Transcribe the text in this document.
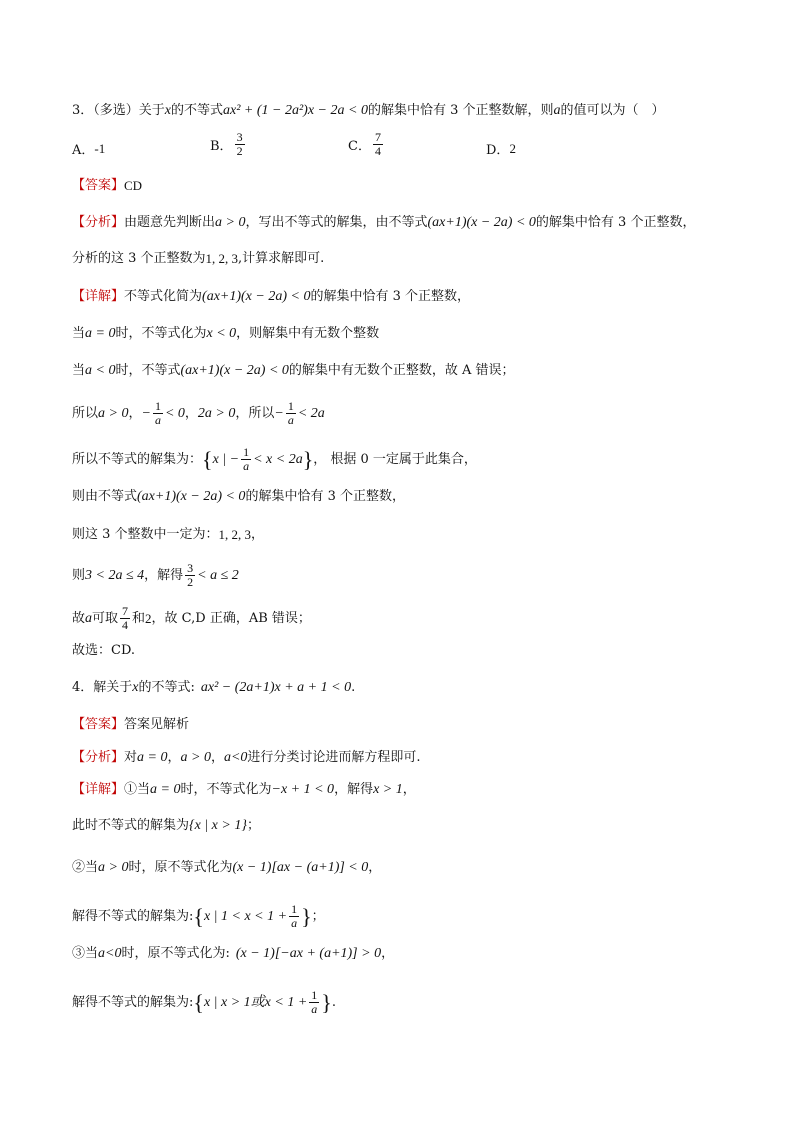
3．（多选）关于 x 的不等式 ax² + (1 − 2a²)x − 2a < 0 的解集中恰有 3 个正整数解，则 a 的值可以为（　）
A． -1	B． $\frac{3}{2}$	C． $\frac{7}{4}$	D． 2
【答案】 CD
【分析】 由题意先判断出 a > 0 ，写出不等式的解集，由不等式 (ax+1)(x − 2a) < 0 的解集中恰有 3 个正整数，
分析的这 3 个正整数为 1, 2, 3 ,计算求解即可.
【详解】 不等式化简为 (ax+1)(x − 2a) < 0 的解集中恰有 3 个正整数，
当 a = 0 时，不等式化为 x < 0 ，则解集中有无数个整数
当 a < 0 时，不等式 (ax+1)(x − 2a) < 0 的解集中有无数个正整数，故 A 错误；
所以 a > 0 ， − $\frac{1}{a} < 0$ ， 2a > 0 ，所以 − $\frac{1}{a} < 2a$
所以不等式的解集为： { x | − $\frac{1}{a} < x < 2a$ } ， 根据 0 一定属于此集合，
则由不等式 (ax+1)(x − 2a) < 0 的解集中恰有 3 个正整数，
则这 3 个整数中一定为： 1, 2, 3 ，
则 3 < 2a ≤ 4 ，解得 $\frac{3}{2} < a \le 2$
故 a 可取 $\frac{7}{4}$ 和 2 ，故 C,D 正确，AB 错误；
故选：CD.
4．解关于 x 的不等式: ax² − (2a+1)x + a + 1 < 0 .
【答案】 答案见解析
【分析】 对 a = 0 ， a > 0 ， a<0 进行分类讨论进而解方程即可.
【详解】 ①当 a = 0 时，不等式化为 −x + 1 < 0 ，解得 x > 1 ，
此时不等式的解集为 {x | x > 1} ；
②当 a > 0 时，原不等式化为 (x − 1)[ax − (a+1)] < 0 ，
解得不等式的解集为: { x | $1 < x < 1 + \frac{1}{a}$ } ；
③当 a<0 时，原不等式化为: (x − 1)[−ax + (a+1)] > 0 ，
解得不等式的解集为: { x | x > 1或$x < 1 + \frac{1}{a}$ } .
